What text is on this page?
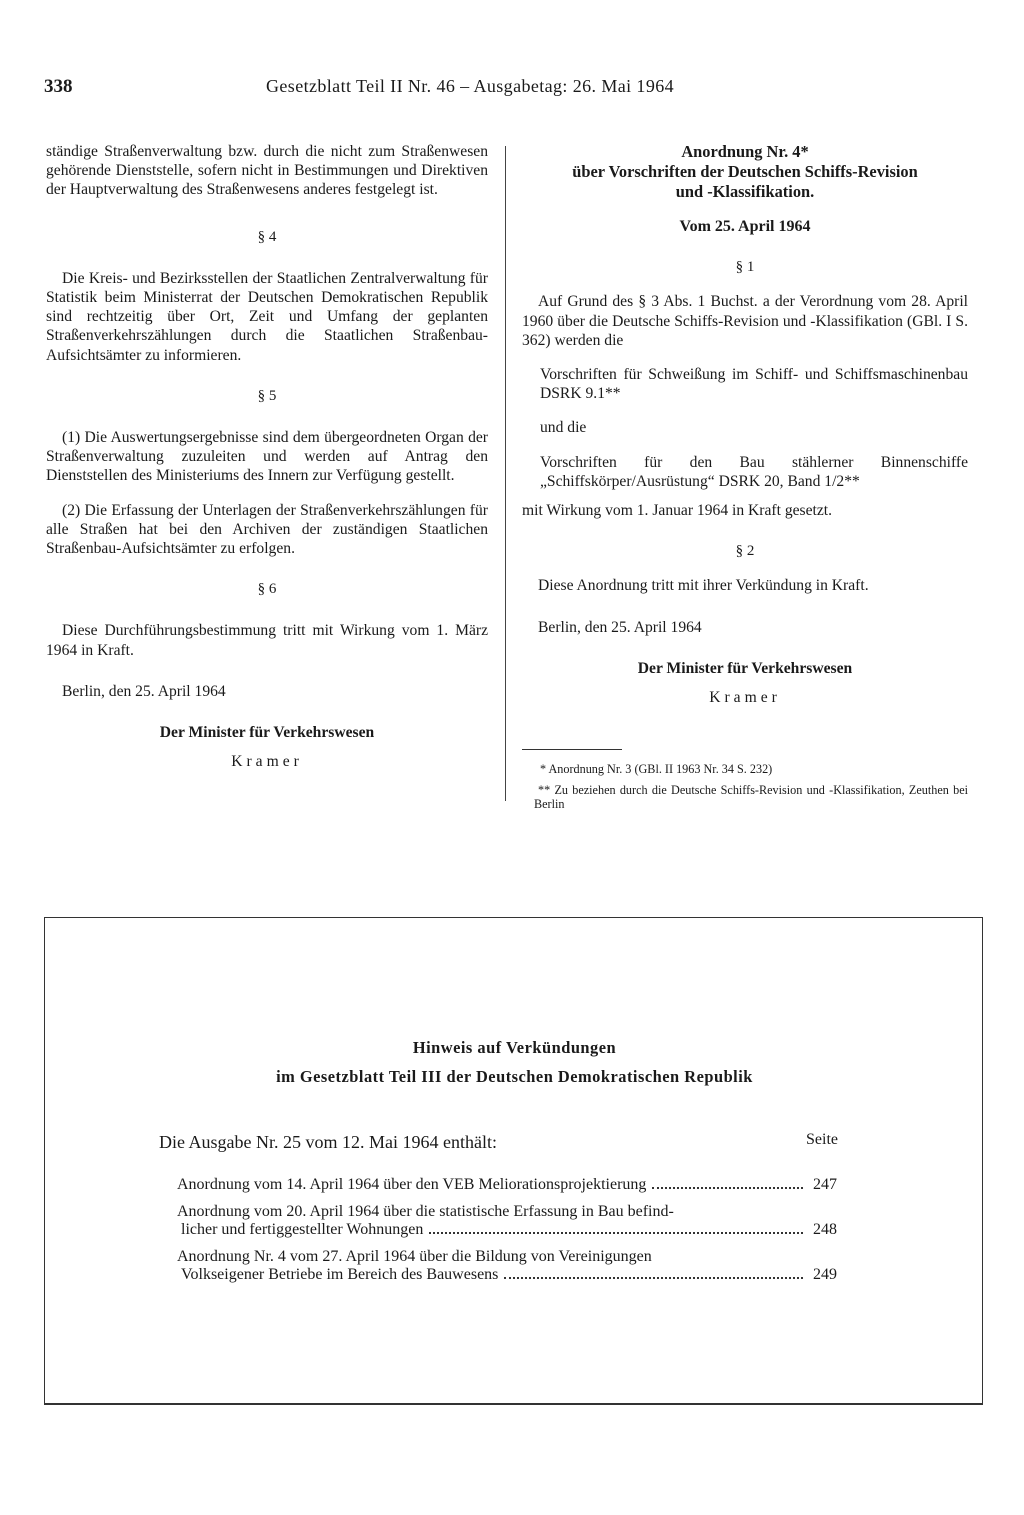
338	Gesetzblatt Teil II Nr. 46 – Ausgabetag: 26. Mai 1964

ständige Straßenverwaltung bzw. durch die nicht zum Straßenwesen gehörende Dienststelle, sofern nicht in Bestimmungen und Direktiven der Hauptverwaltung des Straßenwesens anderes festgelegt ist.

§ 4

Die Kreis- und Bezirksstellen der Staatlichen Zentralverwaltung für Statistik beim Ministerrat der Deutschen Demokratischen Republik sind rechtzeitig über Ort, Zeit und Umfang der geplanten Straßenverkehrszählungen durch die Staatlichen Straßenbau-Aufsichtsämter zu informieren.

§ 5

(1) Die Auswertungsergebnisse sind dem übergeordneten Organ der Straßenverwaltung zuzuleiten und werden auf Antrag den Dienststellen des Ministeriums des Innern zur Verfügung gestellt.

(2) Die Erfassung der Unterlagen der Straßenverkehrszählungen für alle Straßen hat bei den Archiven der zuständigen Staatlichen Straßenbau-Aufsichtsämter zu erfolgen.

§ 6

Diese Durchführungsbestimmung tritt mit Wirkung vom 1. März 1964 in Kraft.

Berlin, den 25. April 1964

Der Minister für Verkehrswesen

Kramer

Anordnung Nr. 4*

über Vorschriften der Deutschen Schiffs-Revision

und -Klassifikation.

Vom 25. April 1964

§ 1

Auf Grund des § 3 Abs. 1 Buchst. a der Verordnung vom 28. April 1960 über die Deutsche Schiffs-Revision und -Klassifikation (GBl. I S. 362) werden die

Vorschriften für Schweißung im Schiff- und Schiffsmaschinenbau DSRK 9.1**

und die

Vorschriften für den Bau stählerner Binnenschiffe „Schiffskörper/Ausrüstung“ DSRK 20, Band 1/2**

mit Wirkung vom 1. Januar 1964 in Kraft gesetzt.

§ 2

Diese Anordnung tritt mit ihrer Verkündung in Kraft.

Berlin, den 25. April 1964

Der Minister für Verkehrswesen

Kramer

* Anordnung Nr. 3 (GBl. II 1963 Nr. 34 S. 232)

** Zu beziehen durch die Deutsche Schiffs-Revision und -Klassifikation, Zeuthen bei Berlin

Hinweis auf Verkündungen
im Gesetzblatt Teil III der Deutschen Demokratischen Republik
Die Ausgabe Nr. 25 vom 12. Mai 1964 enthält:	Seite
Anordnung vom 14. April 1964 über den VEB Meliorationsprojektierung	247
Anordnung vom 20. April 1964 über die statistische Erfassung in Bau befind-
licher und fertiggestellter Wohnungen	248
Anordnung Nr. 4 vom 27. April 1964 über die Bildung von Vereinigungen
Volkseigener Betriebe im Bereich des Bauwesens	249
